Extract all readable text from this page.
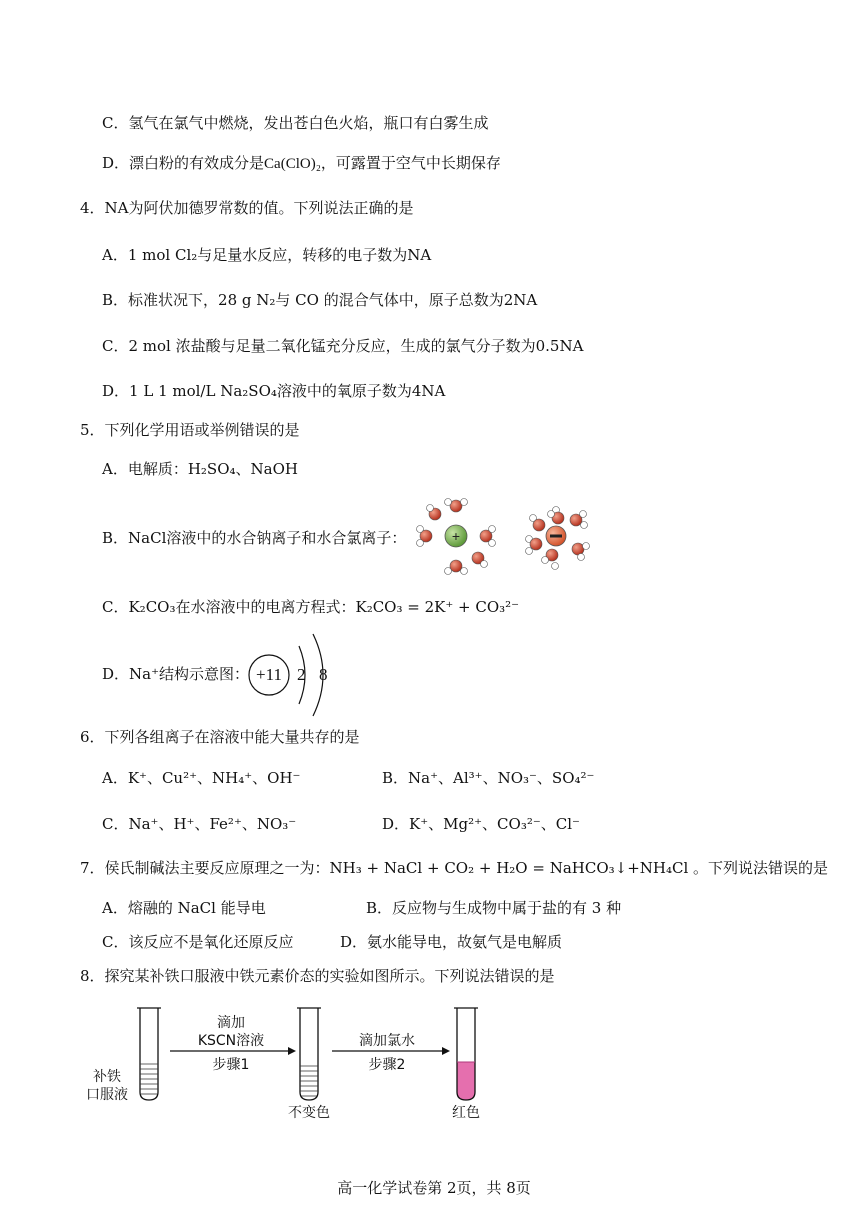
C．氢气在氯气中燃烧，发出苍白色火焰，瓶口有白雾生成
D．漂白粉的有效成分是Ca(ClO)₂，可露置于空气中长期保存
4．NA为阿伏加德罗常数的值。下列说法正确的是
A．1 mol Cl₂与足量水反应，转移的电子数为NA
B．标准状况下，28 g N₂与 CO 的混合气体中，原子总数为2NA
C．2 mol 浓盐酸与足量二氧化锰充分反应，生成的氯气分子数为0.5NA
D．1 L 1 mol/L Na₂SO₄溶液中的氧原子数为4NA
5．下列化学用语或举例错误的是
A．电解质：H₂SO₄、NaOH
B．NaCl溶液中的水合钠离子和水合氯离子：	+
C．K₂CO₃在水溶液中的电离方程式：K₂CO₃ = 2K⁺ + CO₃²⁻
D．Na⁺结构示意图： +11 2 8
6．下列各组离子在溶液中能大量共存的是
A．K⁺、Cu²⁺、NH₄⁺、OH⁻	B．Na⁺、Al³⁺、NO₃⁻、SO₄²⁻
C．Na⁺、H⁺、Fe²⁺、NO₃⁻	D．K⁺、Mg²⁺、CO₃²⁻、Cl⁻
7．侯氏制碱法主要反应原理之一为：NH₃ + NaCl + CO₂ + H₂O = NaHCO₃↓+NH₄Cl 。下列说法错误的是
A．熔融的 NaCl 能导电	B．反应物与生成物中属于盐的有 3 种
C．该反应不是氧化还原反应	D．氨水能导电，故氨气是电解质
8．探究某补铁口服液中铁元素价态的实验如图所示。下列说法错误的是
补铁
口服液
滴加
KSCN溶液
步骤1
滴加氯水
步骤2
不变色	红色
高一化学试卷第 2页，共 8页
